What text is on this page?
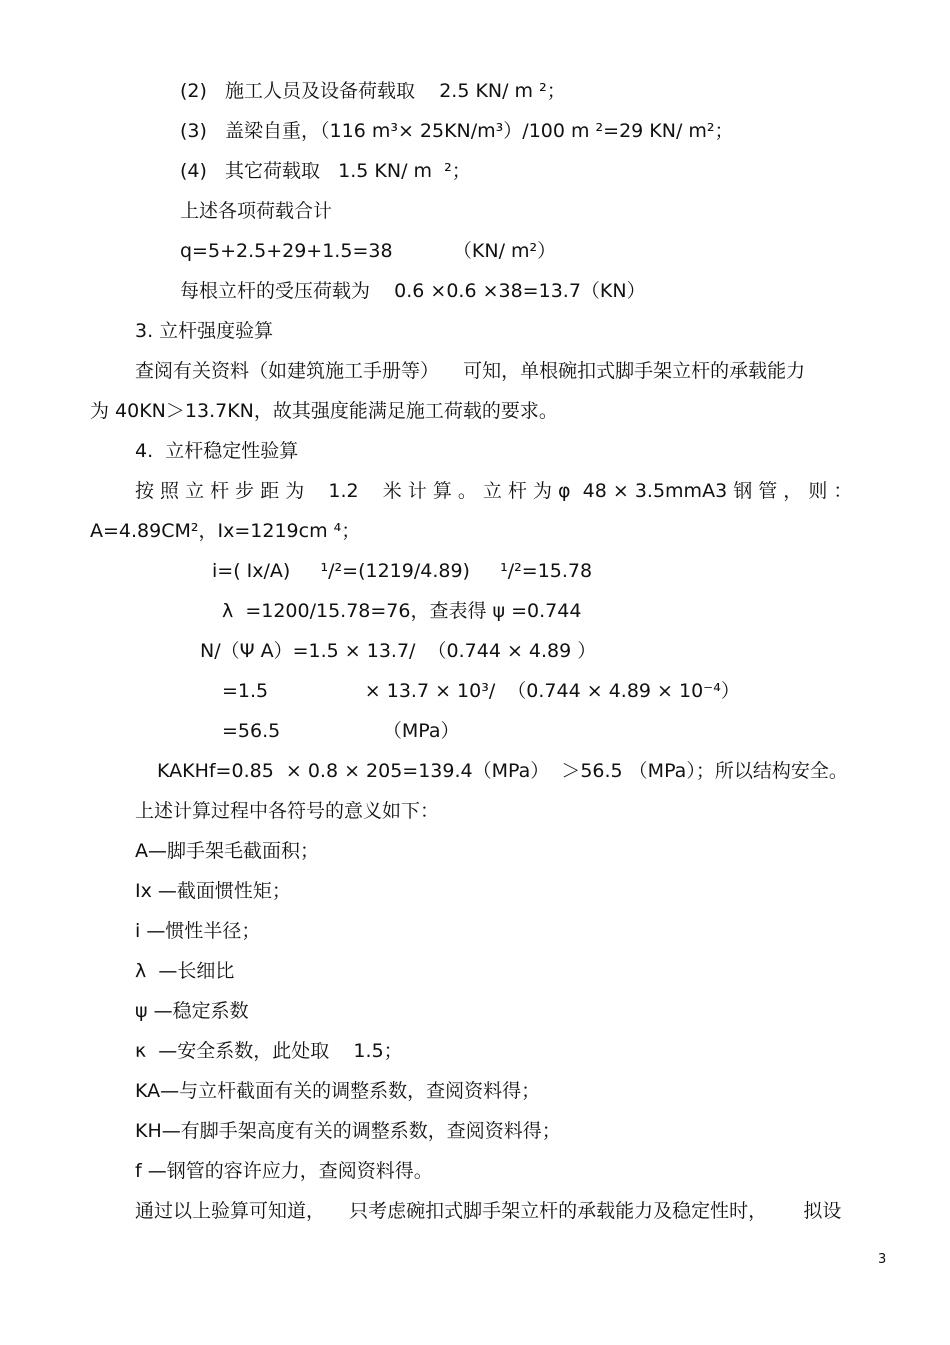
(2)   施工人员及设备荷载取    2.5 KN/ m ²；
(3)   盖梁自重，（116 m³× 25KN/m³）/100 m ²=29 KN/ m²；
(4)   其它荷载取   1.5 KN/ m  ²；
上述各项荷载合计
q=5+2.5+29+1.5=38          （KN/ m²）
每根立杆的受压荷载为    0.6 ×0.6 ×38=13.7（KN）
3. 立杆强度验算
查阅有关资料（如建筑施工手册等）    可知，单根碗扣式脚手架立杆的承载能力
为 40KN＞13.7KN，故其强度能满足施工荷载的要求。
4.  立杆稳定性验算
按 照 立 杆 步 距 为    1.2    米 计 算 。 立 杆 为 φ  48 × 3.5mmA3 钢 管 ， 则 ：
A=4.89CM²，Ix=1219cm ⁴；
i=( Ix/A)     ¹/²=(1219/4.89)     ¹/²=15.78
λ  =1200/15.78=76，查表得 ψ =0.744
N/（Ψ A）=1.5 × 13.7/  （0.744 × 4.89 ）
=1.5                × 13.7 × 10³/  （0.744 × 4.89 × 10⁻⁴）
=56.5                 （MPa）
KAKHf=0.85  × 0.8 × 205=139.4（MPa）  ＞56.5 （MPa）；所以结构安全。
上述计算过程中各符号的意义如下：
A—脚手架毛截面积；
Ix —截面惯性矩；
i —惯性半径；
λ  —长细比
ψ —稳定系数
κ  —安全系数，此处取    1.5；
KA—与立杆截面有关的调整系数，查阅资料得；
KH—有脚手架高度有关的调整系数，查阅资料得；
f —钢管的容许应力，查阅资料得。
通过以上验算可知道，    只考虑碗扣式脚手架立杆的承载能力及稳定性时，      拟设
3
